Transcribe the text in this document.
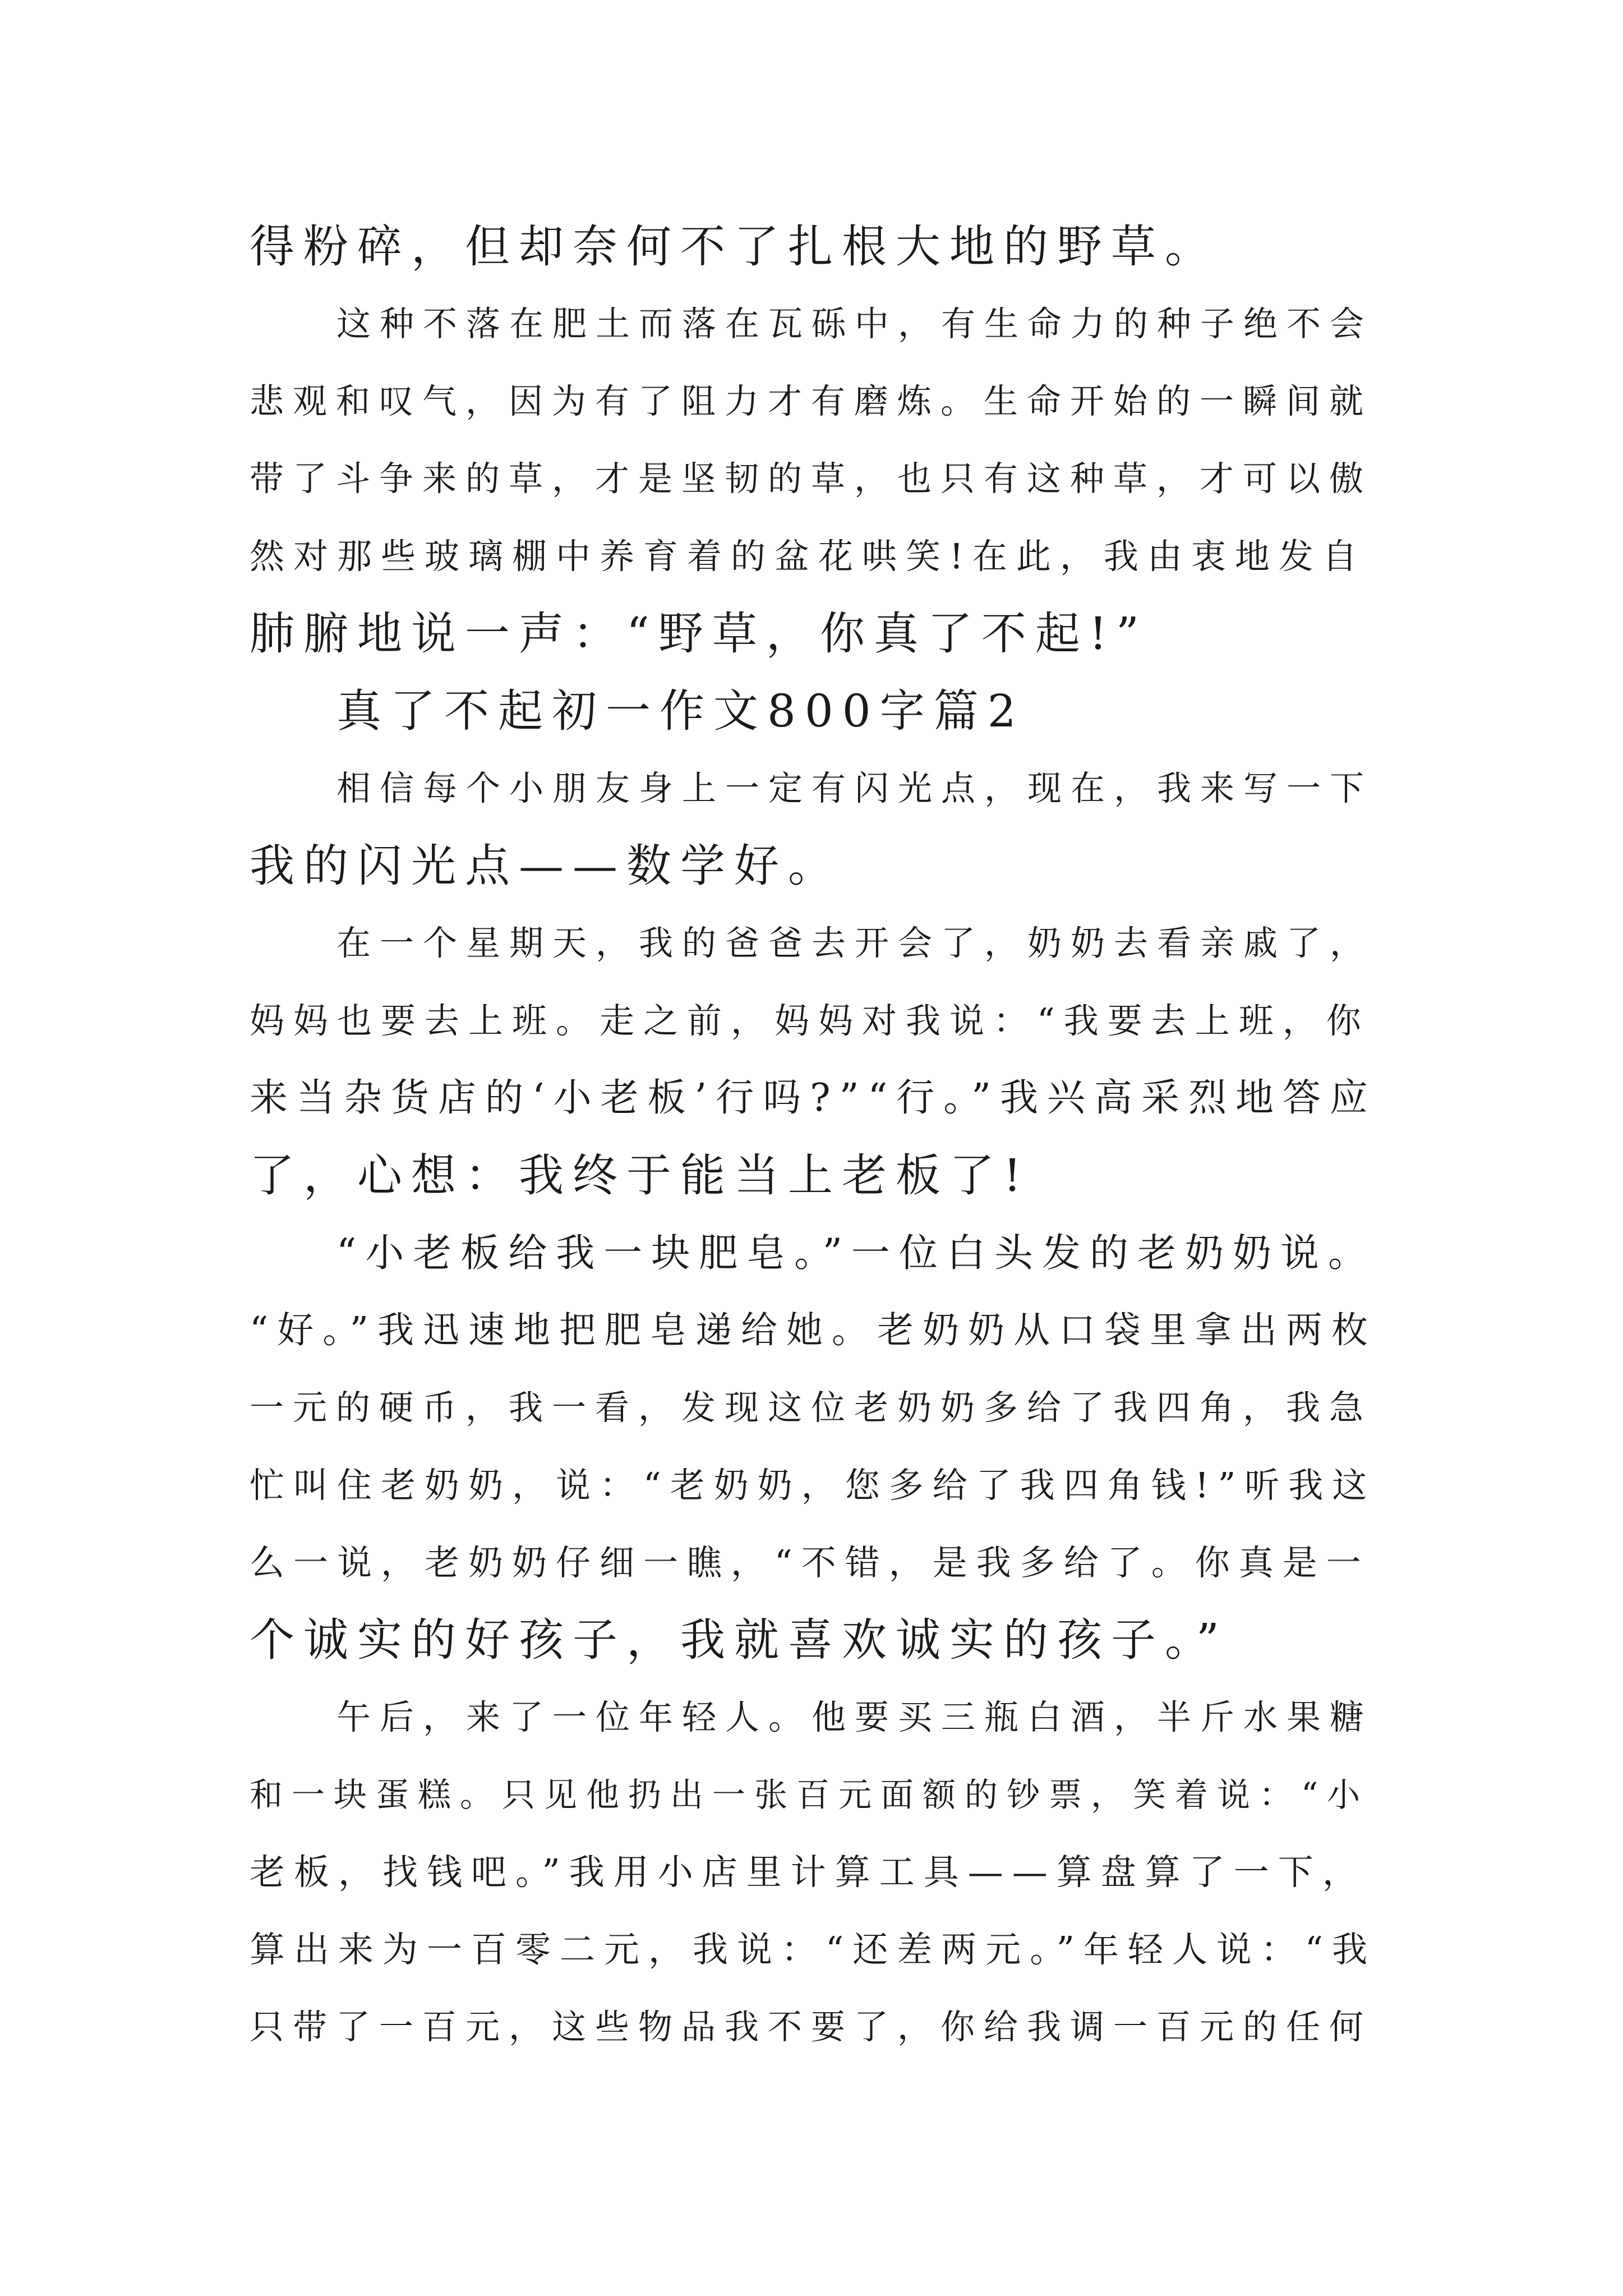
得粉碎，但却奈何不了扎根大地的野草。
这种不落在肥土而落在瓦砾中，有生命力的种子绝不会
悲观和叹气，因为有了阻力才有磨炼。生命开始的一瞬间就
带了斗争来的草，才是坚韧的草，也只有这种草，才可以傲
然对那些玻璃棚中养育着的盆花哄笑!在此，我由衷地发自
肺腑地说一声：“野草，你真了不起!”
真了不起初一作文800字篇2
相信每个小朋友身上一定有闪光点，现在，我来写一下
我的闪光点——数学好。
在一个星期天，我的爸爸去开会了，奶奶去看亲戚了，
妈妈也要去上班。走之前，妈妈对我说：“我要去上班，你
来当杂货店的‘小老板’行吗?”“行。”我兴高采烈地答应
了，心想：我终于能当上老板了!
“小老板给我一块肥皂。”一位白头发的老奶奶说。
“好。”我迅速地把肥皂递给她。老奶奶从口袋里拿出两枚
一元的硬币，我一看，发现这位老奶奶多给了我四角，我急
忙叫住老奶奶，说：“老奶奶，您多给了我四角钱!”听我这
么一说，老奶奶仔细一瞧，“不错，是我多给了。你真是一
个诚实的好孩子，我就喜欢诚实的孩子。”
午后，来了一位年轻人。他要买三瓶白酒，半斤水果糖
和一块蛋糕。只见他扔出一张百元面额的钞票，笑着说：“小
老板，找钱吧。”我用小店里计算工具——算盘算了一下，
算出来为一百零二元，我说：“还差两元。”年轻人说：“我
只带了一百元，这些物品我不要了，你给我调一百元的任何
